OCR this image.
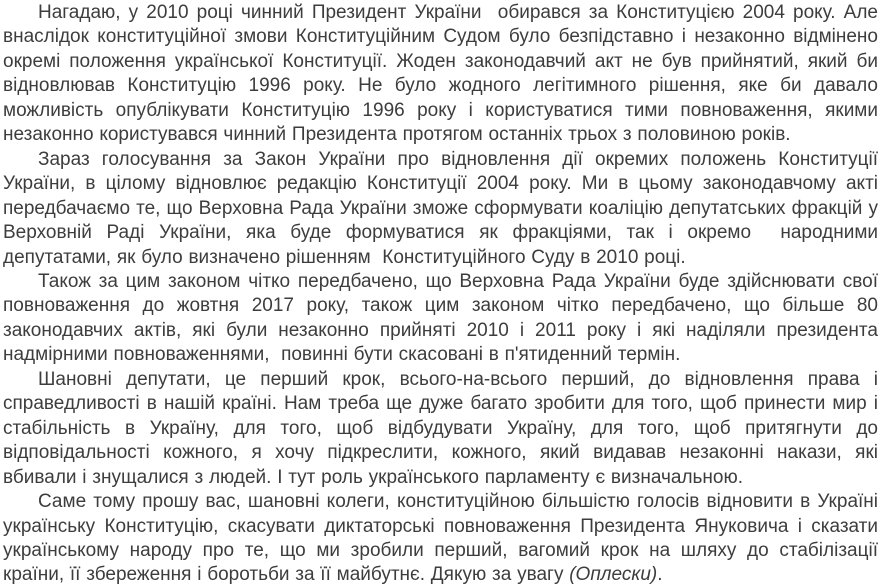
Нагадаю, у 2010 році чинний Президент України  обирався за Конституцією 2004 року. Але внаслідок конституційної змови Конституційним Судом було безпідставно і незаконно відмінено окремі положення української Конституції. Жоден законодавчий акт не був прийнятий, який би відновлював Конституцію 1996 року. Не було жодного легітимного рішення, яке би давало можливість опублікувати Конституцію 1996 року і користуватися тими повноваження, якими незаконно користувався чинний Президента протягом останніх трьох з половиною років.

Зараз голосування за Закон України про відновлення дії окремих положень Конституції України, в цілому відновлює редакцію Конституції 2004 року. Ми в цьому законодавчому акті передбачаємо те, що Верховна Рада України зможе сформувати коаліцію депутатських фракцій у Верховній Раді України, яка буде формуватися як фракціями, так і окремо  народними депутатами, як було визначено рішенням  Конституційного Суду в 2010 році.

Також за цим законом чітко передбачено, що Верховна Рада України буде здійснювати свої повноваження до жовтня 2017 року, також цим законом чітко передбачено, що більше 80 законодавчих актів, які були незаконно прийняті 2010 і 2011 року і які наділяли президента надмірними повноваженнями,  повинні бути скасовані в п'ятиденний термін.

Шановні депутати, це перший крок, всього-на-всього перший, до відновлення права і справедливості в нашій країні. Нам треба ще дуже багато зробити для того, щоб принести мир і стабільність в Україну, для того, щоб відбудувати Україну, для того, щоб притягнути до відповідальності кожного, я хочу підкреслити, кожного, який видавав незаконні накази, які вбивали і знущалися з людей. І тут роль українського парламенту є визначальною.

Саме тому прошу вас, шановні колеги, конституційною більшістю голосів відновити в Україні українську Конституцію, скасувати диктаторські повноваження Президента Януковича і сказати українському народу про те, що ми зробили перший, вагомий крок на шляху до стабілізації країни, її збереження і боротьби за її майбутнє. Дякую за увагу (Оплески).
